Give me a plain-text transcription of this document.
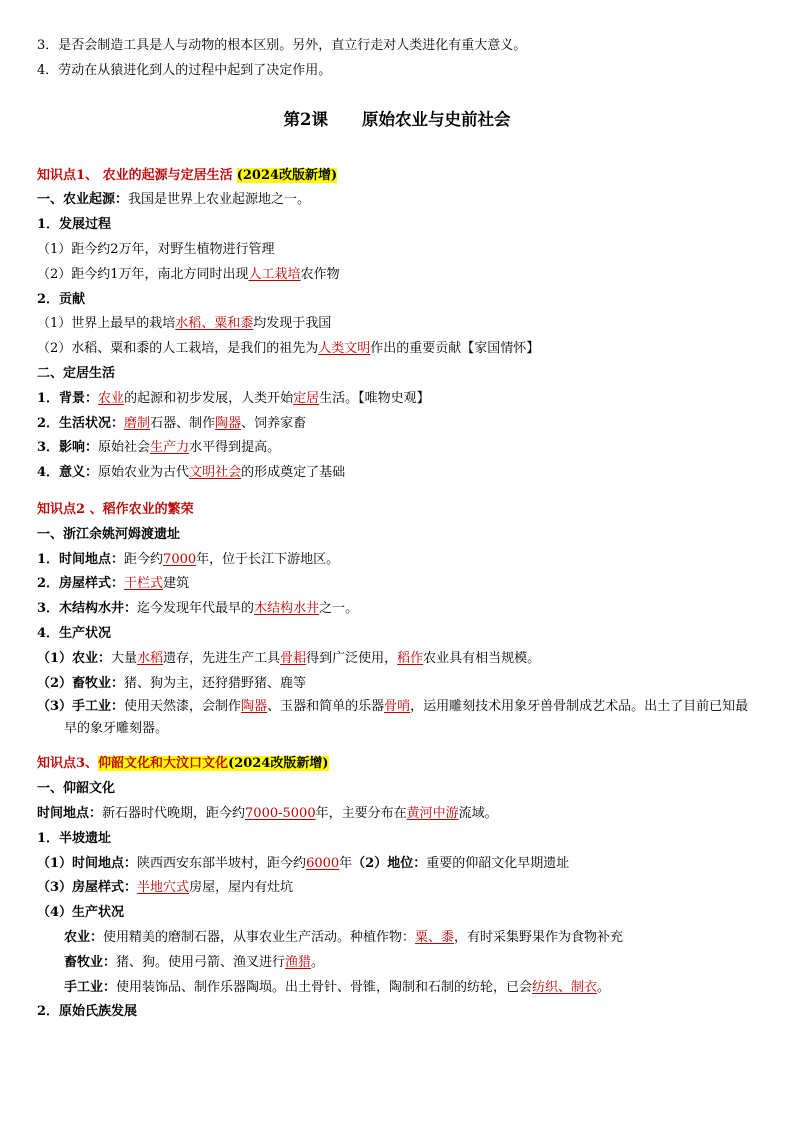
3．是否会制造工具是人与动物的根本区别。另外，直立行走对人类进化有重大意义。
4．劳动在从猿进化到人的过程中起到了决定作用。
第2课 原始农业与史前社会
知识点1、 农业的起源与定居生活 (2024改版新增)
一、农业起源：我国是世界上农业起源地之一。
1．发展过程
（1）距今约2万年，对野生植物进行管理
（2）距今约1万年，南北方同时出现人工栽培农作物
2．贡献
（1）世界上最早的栽培水稻、粟和黍均发现于我国
（2）水稻、粟和黍的人工栽培，是我们的祖先为人类文明作出的重要贡献【家国情怀】
二、定居生活
1．背景：农业的起源和初步发展，人类开始定居生活。【唯物史观】
2．生活状况：磨制石器、制作陶器、饲养家畜
3．影响：原始社会生产力水平得到提高。
4．意义：原始农业为古代文明社会的形成奠定了基础
知识点2 、稻作农业的繁荣
一、浙江余姚河姆渡遗址
1．时间地点：距今约7000年，位于长江下游地区。
2．房屋样式：干栏式建筑
3．木结构水井：迄今发现年代最早的木结构水井之一。
4．生产状况
（1）农业：大量水稻遗存，先进生产工具骨耜得到广泛使用，稻作农业具有相当规模。
（2）畜牧业：猪、狗为主，还狩猎野猪、鹿等
（3）手工业：使用天然漆，会制作陶器、玉器和简单的乐器骨哨，运用雕刻技术用象牙兽骨制成艺术品。出土了目前已知最早的象牙雕刻器。
知识点3、仰韶文化和大汶口文化(2024改版新增)
一、仰韶文化
时间地点：新石器时代晚期，距今约7000-5000年，主要分布在黄河中游流域。
1．半坡遗址
（1）时间地点：陕西西安东部半坡村，距今约6000年（2）地位：重要的仰韶文化早期遗址
（3）房屋样式：半地穴式房屋，屋内有灶坑
（4）生产状况
农业：使用精美的磨制石器，从事农业生产活动。种植作物：粟、黍，有时采集野果作为食物补充
畜牧业：猪、狗。使用弓箭、渔叉进行渔猎。
手工业：使用装饰品、制作乐器陶埙。出土骨针、骨锥，陶制和石制的纺轮，已会纺织、制衣。
2．原始氏族发展
